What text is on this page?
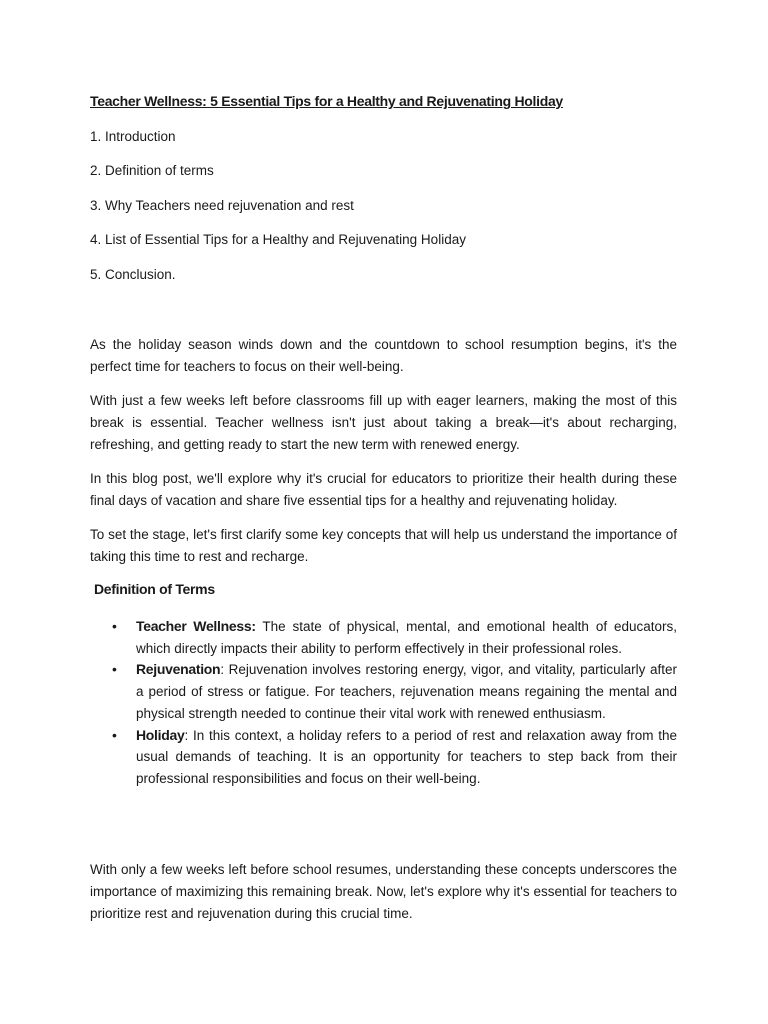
Teacher Wellness: 5 Essential Tips for a Healthy and Rejuvenating Holiday
1. Introduction
2. Definition of terms
3. Why Teachers need rejuvenation and rest
4. List of Essential Tips for a Healthy and Rejuvenating Holiday
5. Conclusion.

As the holiday season winds down and the countdown to school resumption begins, it's the perfect time for teachers to focus on their well-being.

With just a few weeks left before classrooms fill up with eager learners, making the most of this break is essential. Teacher wellness isn't just about taking a break—it's about recharging, refreshing, and getting ready to start the new term with renewed energy.

In this blog post, we'll explore why it's crucial for educators to prioritize their health during these final days of vacation and share five essential tips for a healthy and rejuvenating holiday.

To set the stage, let's first clarify some key concepts that will help us understand the importance of taking this time to rest and recharge.

Definition of Terms
• Teacher Wellness: The state of physical, mental, and emotional health of educators, which directly impacts their ability to perform effectively in their professional roles.
• Rejuvenation: Rejuvenation involves restoring energy, vigor, and vitality, particularly after a period of stress or fatigue. For teachers, rejuvenation means regaining the mental and physical strength needed to continue their vital work with renewed enthusiasm.
• Holiday: In this context, a holiday refers to a period of rest and relaxation away from the usual demands of teaching. It is an opportunity for teachers to step back from their professional responsibilities and focus on their well-being.

With only a few weeks left before school resumes, understanding these concepts underscores the importance of maximizing this remaining break. Now, let's explore why it's essential for teachers to prioritize rest and rejuvenation during this crucial time.
